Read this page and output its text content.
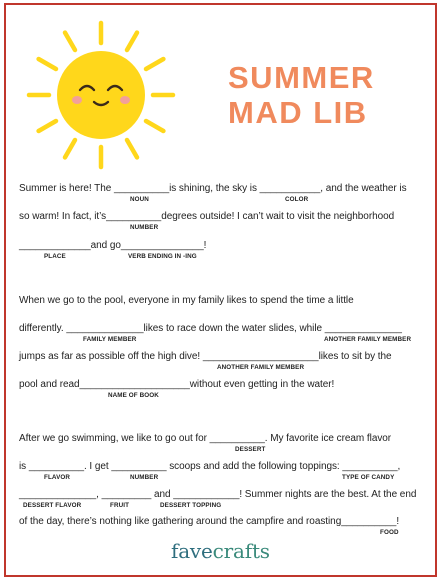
SUMMER
MAD LIB
Summer is here! The __________is shining, the sky is ___________, and the weather is
NOUN	COLOR
so warm! In fact, it’s__________degrees outside! I can’t wait to visit the neighborhood
NUMBER
_____________and go_______________!
PLACE	VERB ENDING IN -ING
When we go to the pool, everyone in my family likes to spend the time a little
differently. ______________likes to race down the water slides, while ______________
FAMILY MEMBER	ANOTHER FAMILY MEMBER
jumps as far as possible off the high dive! _____________________likes to sit by the
ANOTHER FAMILY MEMBER
pool and read____________________without even getting in the water!
NAME OF BOOK
After we go swimming, we like to go out for __________. My favorite ice cream flavor
DESSERT
is __________. I get __________ scoops and add the following toppings: __________,
FLAVOR	NUMBER	TYPE OF CANDY
______________, _________ and ____________! Summer nights are the best. At the end
DESSERT FLAVOR	FRUIT	DESSERT TOPPING
of the day, there’s nothing like gathering around the campfire and roasting__________!
FOOD
favecrafts
